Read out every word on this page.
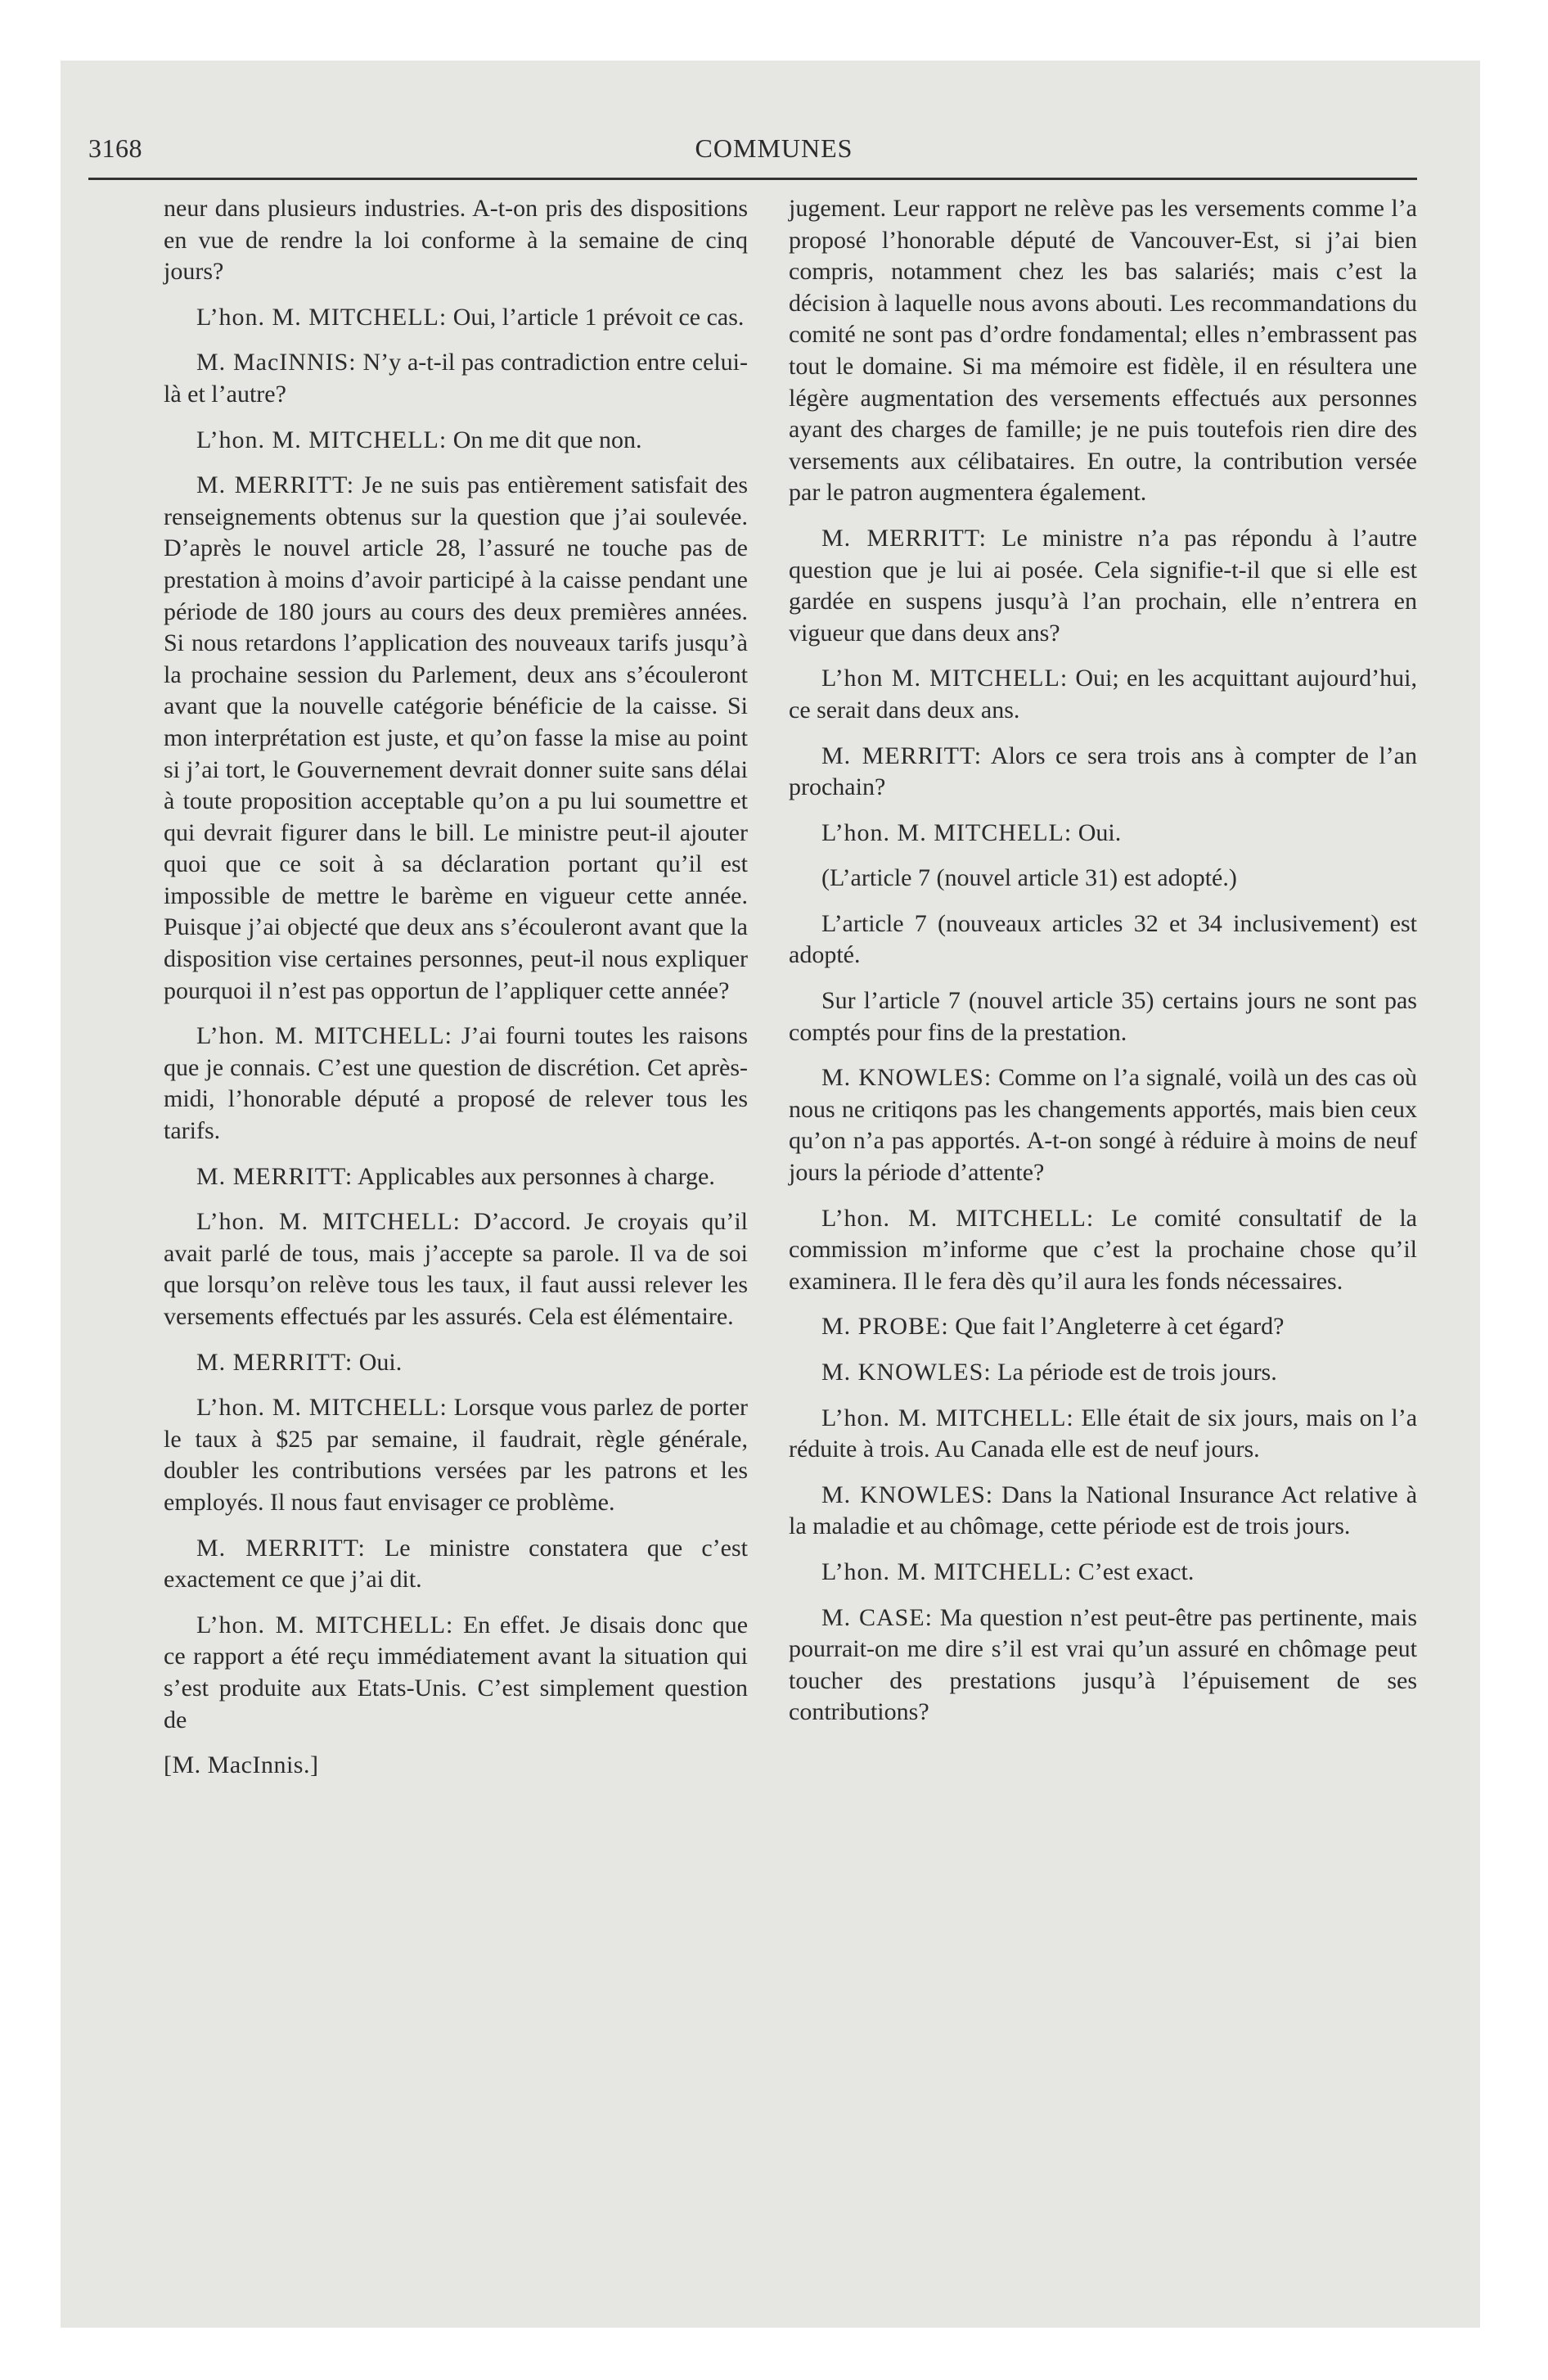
3168	COMMUNES

neur dans plusieurs industries. A-t-on pris des dispositions en vue de rendre la loi conforme à la semaine de cinq jours?

L’hon. M. MITCHELL: Oui, l’article 1 prévoit ce cas.

M. MacINNIS: N’y a-t-il pas contradiction entre celui-là et l’autre?

L’hon. M. MITCHELL: On me dit que non.

M. MERRITT: Je ne suis pas entièrement satisfait des renseignements obtenus sur la question que j’ai soulevée. D’après le nouvel article 28, l’assuré ne touche pas de prestation à moins d’avoir participé à la caisse pendant une période de 180 jours au cours des deux premières années. Si nous retardons l’application des nouveaux tarifs jusqu’à la prochaine session du Parlement, deux ans s’écouleront avant que la nouvelle catégorie bénéficie de la caisse. Si mon interprétation est juste, et qu’on fasse la mise au point si j’ai tort, le Gouvernement devrait donner suite sans délai à toute proposition acceptable qu’on a pu lui soumettre et qui devrait figurer dans le bill. Le ministre peut-il ajouter quoi que ce soit à sa déclaration portant qu’il est impossible de mettre le barème en vigueur cette année. Puisque j’ai objecté que deux ans s’écouleront avant que la disposition vise certaines personnes, peut-il nous expliquer pourquoi il n’est pas opportun de l’appliquer cette année?

L’hon. M. MITCHELL: J’ai fourni toutes les raisons que je connais. C’est une question de discrétion. Cet après-midi, l’honorable député a proposé de relever tous les tarifs.

M. MERRITT: Applicables aux personnes à charge.

L’hon. M. MITCHELL: D’accord. Je croyais qu’il avait parlé de tous, mais j’accepte sa parole. Il va de soi que lorsqu’on relève tous les taux, il faut aussi relever les versements effectués par les assurés. Cela est élémentaire.

M. MERRITT: Oui.

L’hon. M. MITCHELL: Lorsque vous parlez de porter le taux à $25 par semaine, il faudrait, règle générale, doubler les contributions versées par les patrons et les employés. Il nous faut envisager ce problème.

M. MERRITT: Le ministre constatera que c’est exactement ce que j’ai dit.

L’hon. M. MITCHELL: En effet. Je disais donc que ce rapport a été reçu immédiatement avant la situation qui s’est produite aux Etats-Unis. C’est simplement question de

[M. MacInnis.]

jugement. Leur rapport ne relève pas les versements comme l’a proposé l’honorable député de Vancouver-Est, si j’ai bien compris, notamment chez les bas salariés; mais c’est la décision à laquelle nous avons abouti. Les recommandations du comité ne sont pas d’ordre fondamental; elles n’embrassent pas tout le domaine. Si ma mémoire est fidèle, il en résultera une légère augmentation des versements effectués aux personnes ayant des charges de famille; je ne puis toutefois rien dire des versements aux célibataires. En outre, la contribution versée par le patron augmentera également.

M. MERRITT: Le ministre n’a pas répondu à l’autre question que je lui ai posée. Cela signifie-t-il que si elle est gardée en suspens jusqu’à l’an prochain, elle n’entrera en vigueur que dans deux ans?

L’hon M. MITCHELL: Oui; en les acquittant aujourd’hui, ce serait dans deux ans.

M. MERRITT: Alors ce sera trois ans à compter de l’an prochain?

L’hon. M. MITCHELL: Oui.

(L’article 7 (nouvel article 31) est adopté.)

L’article 7 (nouveaux articles 32 et 34 inclusivement) est adopté.

Sur l’article 7 (nouvel article 35) certains jours ne sont pas comptés pour fins de la prestation.

M. KNOWLES: Comme on l’a signalé, voilà un des cas où nous ne critiqons pas les changements apportés, mais bien ceux qu’on n’a pas apportés. A-t-on songé à réduire à moins de neuf jours la période d’attente?

L’hon. M. MITCHELL: Le comité consultatif de la commission m’informe que c’est la prochaine chose qu’il examinera. Il le fera dès qu’il aura les fonds nécessaires.

M. PROBE: Que fait l’Angleterre à cet égard?

M. KNOWLES: La période est de trois jours.

L’hon. M. MITCHELL: Elle était de six jours, mais on l’a réduite à trois. Au Canada elle est de neuf jours.

M. KNOWLES: Dans la National Insurance Act relative à la maladie et au chômage, cette période est de trois jours.

L’hon. M. MITCHELL: C’est exact.

M. CASE: Ma question n’est peut-être pas pertinente, mais pourrait-on me dire s’il est vrai qu’un assuré en chômage peut toucher des prestations jusqu’à l’épuisement de ses contributions?
